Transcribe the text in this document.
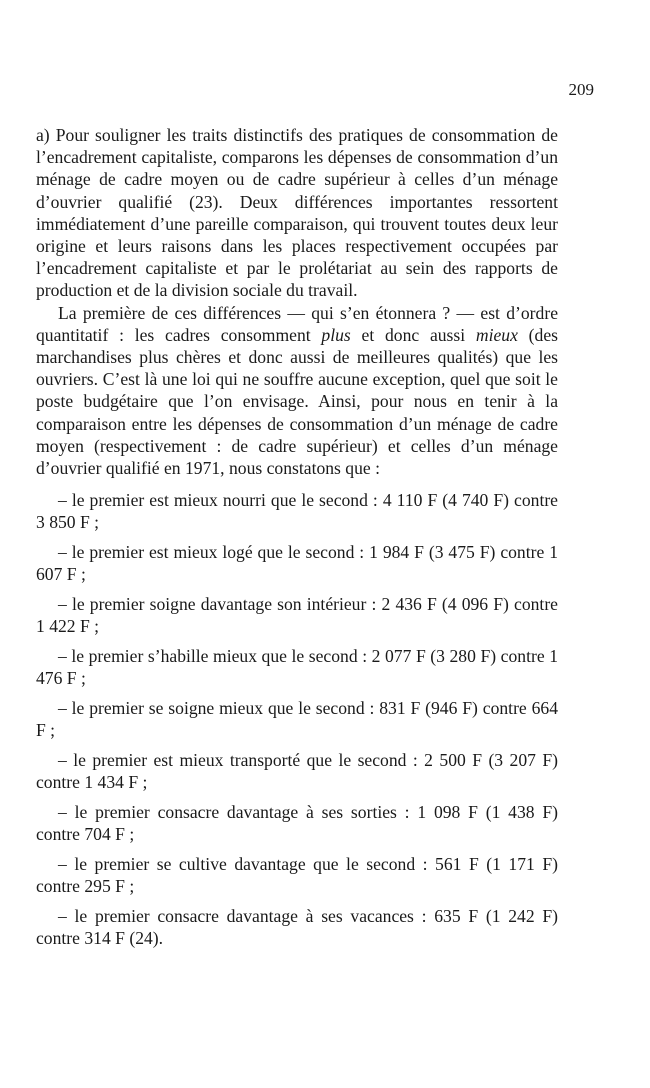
209

a) Pour souligner les traits distinctifs des pratiques de consommation de l’encadrement capitaliste, comparons les dépenses de consommation d’un ménage de cadre moyen ou de cadre supérieur à celles d’un ménage d’ouvrier qualifié (23). Deux différences importantes ressortent immédiatement d’une pareille comparaison, qui trouvent toutes deux leur origine et leurs raisons dans les places respectivement occupées par l’encadrement capitaliste et par le prolétariat au sein des rapports de production et de la division sociale du travail.

La première de ces différences — qui s’en étonnera ? — est d’ordre quantitatif : les cadres consomment plus et donc aussi mieux (des marchandises plus chères et donc aussi de meilleures qualités) que les ouvriers. C’est là une loi qui ne souffre aucune exception, quel que soit le poste budgétaire que l’on envisage. Ainsi, pour nous en tenir à la comparaison entre les dépenses de consommation d’un ménage de cadre moyen (respectivement : de cadre supérieur) et celles d’un ménage d’ouvrier qualifié en 1971, nous constatons que :

– le premier est mieux nourri que le second : 4 110 F (4 740 F) contre 3 850 F ;
– le premier est mieux logé que le second : 1 984 F (3 475 F) contre 1 607 F ;
– le premier soigne davantage son intérieur : 2 436 F (4 096 F) contre 1 422 F ;
– le premier s’habille mieux que le second : 2 077 F (3 280 F) contre 1 476 F ;
– le premier se soigne mieux que le second : 831 F (946 F) contre 664 F ;
– le premier est mieux transporté que le second : 2 500 F (3 207 F) contre 1 434 F ;
– le premier consacre davantage à ses sorties : 1 098 F (1 438 F) contre 704 F ;
– le premier se cultive davantage que le second : 561 F (1 171 F) contre 295 F ;
– le premier consacre davantage à ses vacances : 635 F (1 242 F) contre 314 F (24).
